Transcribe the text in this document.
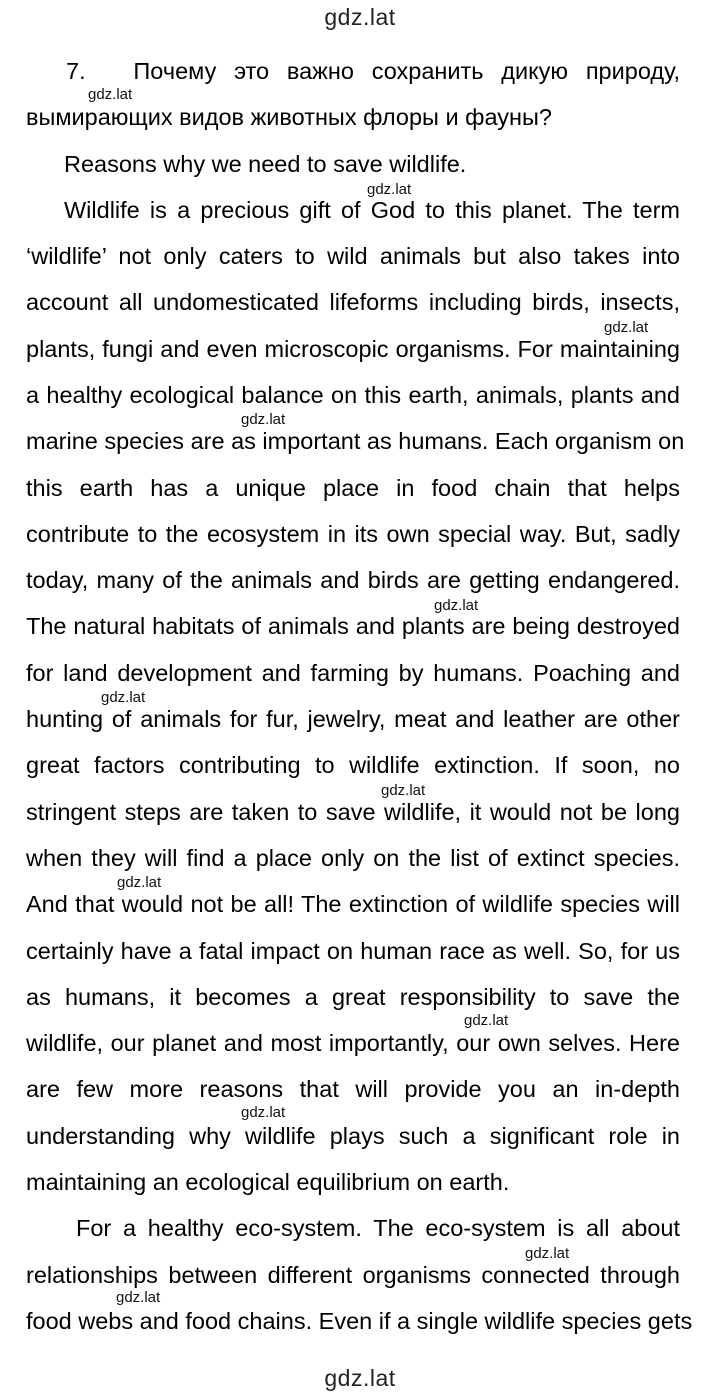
gdz.lat
7. Почему это важно сохранить дикую природу,
вымирающих видов животных флоры и фауны?
Reasons why we need to save wildlife.
Wildlife is a precious gift of God to this planet. The term
‘wildlife’ not only caters to wild animals but also takes into
account all undomesticated lifeforms including birds, insects,
plants, fungi and even microscopic organisms. For maintaining
a healthy ecological balance on this earth, animals, plants and
marine species are as important as humans. Each organism on
this earth has a unique place in food chain that helps
contribute to the ecosystem in its own special way. But, sadly
today, many of the animals and birds are getting endangered.
The natural habitats of animals and plants are being destroyed
for land development and farming by humans. Poaching and
hunting of animals for fur, jewelry, meat and leather are other
great factors contributing to wildlife extinction. If soon, no
stringent steps are taken to save wildlife, it would not be long
when they will find a place only on the list of extinct species.
And that would not be all! The extinction of wildlife species will
certainly have a fatal impact on human race as well. So, for us
as humans, it becomes a great responsibility to save the
wildlife, our planet and most importantly, our own selves. Here
are few more reasons that will provide you an in-depth
understanding why wildlife plays such a significant role in
maintaining an ecological equilibrium on earth.
For a healthy eco-system. The eco-system is all about
relationships between different organisms connected through
food webs and food chains. Even if a single wildlife species gets
gdz.lat
gdz.lat
gdz.lat
gdz.lat
gdz.lat
gdz.lat
gdz.lat
gdz.lat
gdz.lat
gdz.lat
gdz.lat
gdz.lat
gdz.lat
